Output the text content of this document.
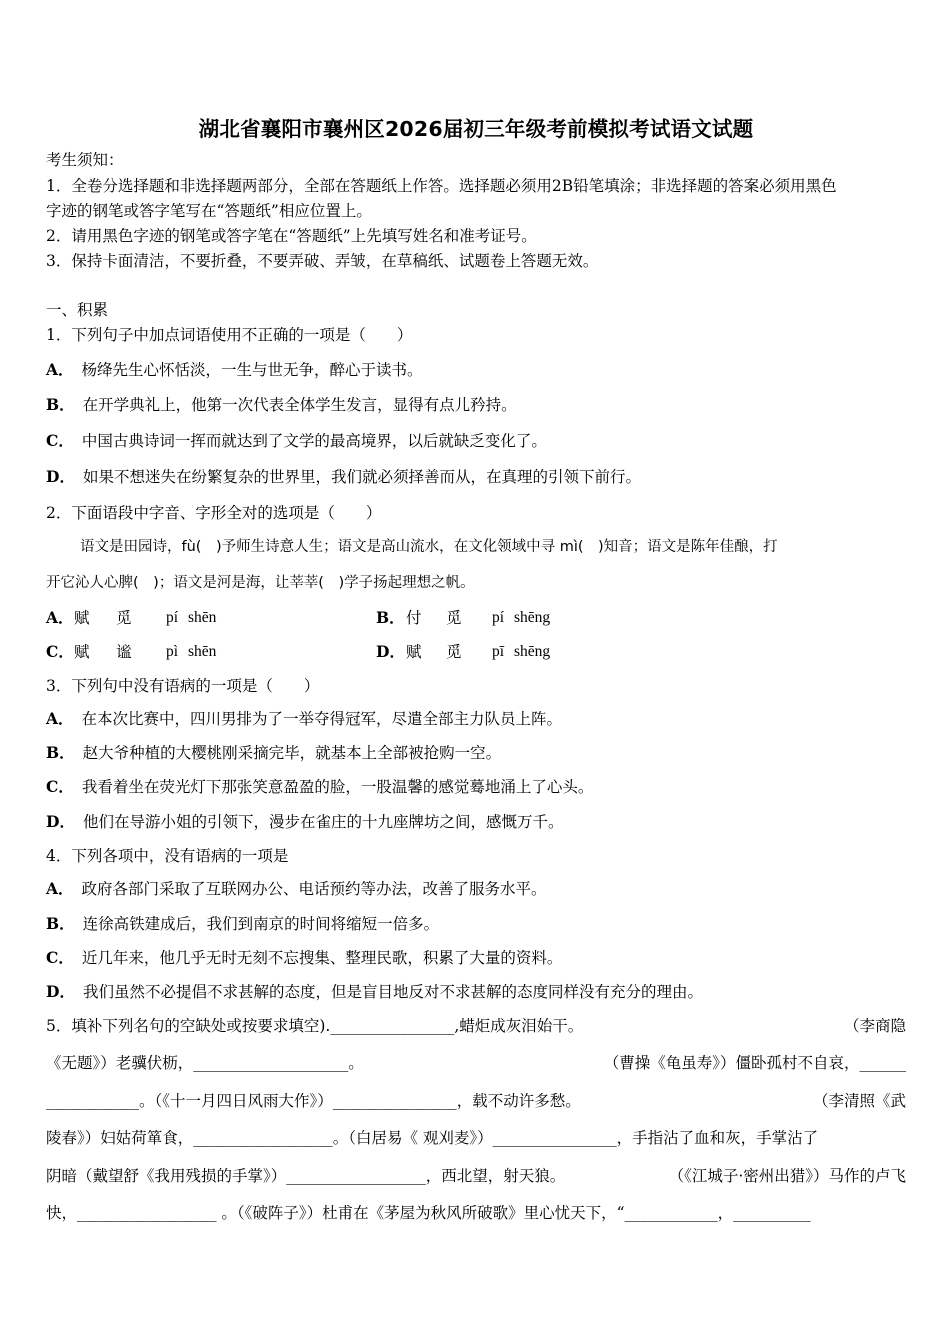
湖北省襄阳市襄州区2026届初三年级考前模拟考试语文试题
考生须知：
1．全卷分选择题和非选择题两部分，全部在答题纸上作答。选择题必须用2B铅笔填涂；非选择题的答案必须用黑色
字迹的钢笔或答字笔写在“答题纸”相应位置上。
2．请用黑色字迹的钢笔或答字笔在“答题纸”上先填写姓名和准考证号。
3．保持卡面清洁，不要折叠，不要弄破、弄皱，在草稿纸、试题卷上答题无效。
一、积累
1．下列句子中加点词语使用不正确的一项是（　　）
A． 杨绛先生心怀恬淡，一生与世无争，醉心于读书。
B． 在开学典礼上，他第一次代表全体学生发言，显得有点儿矜持。
C． 中国古典诗词一挥而就达到了文学的最高境界，以后就缺乏变化了。
D． 如果不想迷失在纷繁复杂的世界里，我们就必须择善而从，在真理的引领下前行。
2．下面语段中字音、字形全对的选项是（　　）
语文是田园诗，fù(　)予师生诗意人生；语文是高山流水，在文化领域中寻 mì(　)知音；语文是陈年佳酿，打
开它沁人心脾(　)；语文是河是海，让莘莘(　)学子扬起理想之帆。
A． 赋 觅 pí shēn	B． 付 觅 pí shēng
C． 赋 谧 pì shēn	D． 赋 觅 pī shēng
3．下列句中没有语病的一项是（　　）
A． 在本次比赛中，四川男排为了一举夺得冠军，尽遣全部主力队员上阵。
B． 赵大爷种植的大樱桃刚采摘完毕，就基本上全部被抢购一空。
C． 我看着坐在荧光灯下那张笑意盈盈的脸，一股温馨的感觉蓦地涌上了心头。
D． 他们在导游小姐的引领下，漫步在雀庄的十九座牌坊之间，感慨万千。
4．下列各项中，没有语病的一项是
A． 政府各部门采取了互联网办公、电话预约等办法，改善了服务水平。
B． 连徐高铁建成后，我们到南京的时间将缩短一倍多。
C． 近几年来，他几乎无时无刻不忘搜集、整理民歌，积累了大量的资料。
D． 我们虽然不必提倡不求甚解的态度，但是盲目地反对不求甚解的态度同样没有充分的理由。
5．填补下列名句的空缺处或按要求填空).________________,蜡炬成灰泪始干。	（李商隐
《无题》）老骥伏枥，____________________。	（曹操《龟虽寿》）僵卧孤村不自哀，______
____________。（《十一月四日风雨大作》）________________，载不动许多愁。	（李清照《武
陵春》）妇姑荷箪食，__________________。（白居易《 观刈麦》）________________，手指沾了血和灰，手掌沾了
阴暗（戴望舒《我用残损的手掌》）__________________，西北望，射天狼。	（《江城子·密州出猎》）马作的卢飞
快，__________________ 。（《破阵子》）杜甫在《茅屋为秋风所破歌》里心忧天下，“____________，__________
